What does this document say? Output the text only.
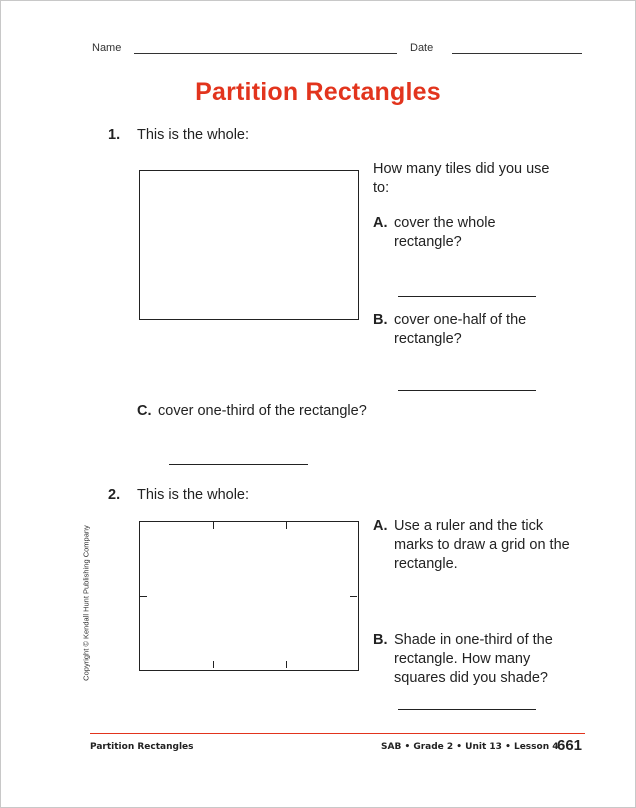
Name	Date
Partition Rectangles
1. This is the whole:
How many tiles did you use to:
A. cover the whole rectangle?
B. cover one-half of the rectangle?
C. cover one-third of the rectangle?
2. This is the whole:
A. Use a ruler and the tick marks to draw a grid on the rectangle.
B. Shade in one-third of the rectangle. How many squares did you shade?
Copyright © Kendall Hunt Publishing Company
Partition Rectangles	SAB • Grade 2 • Unit 13 • Lesson 4
661
